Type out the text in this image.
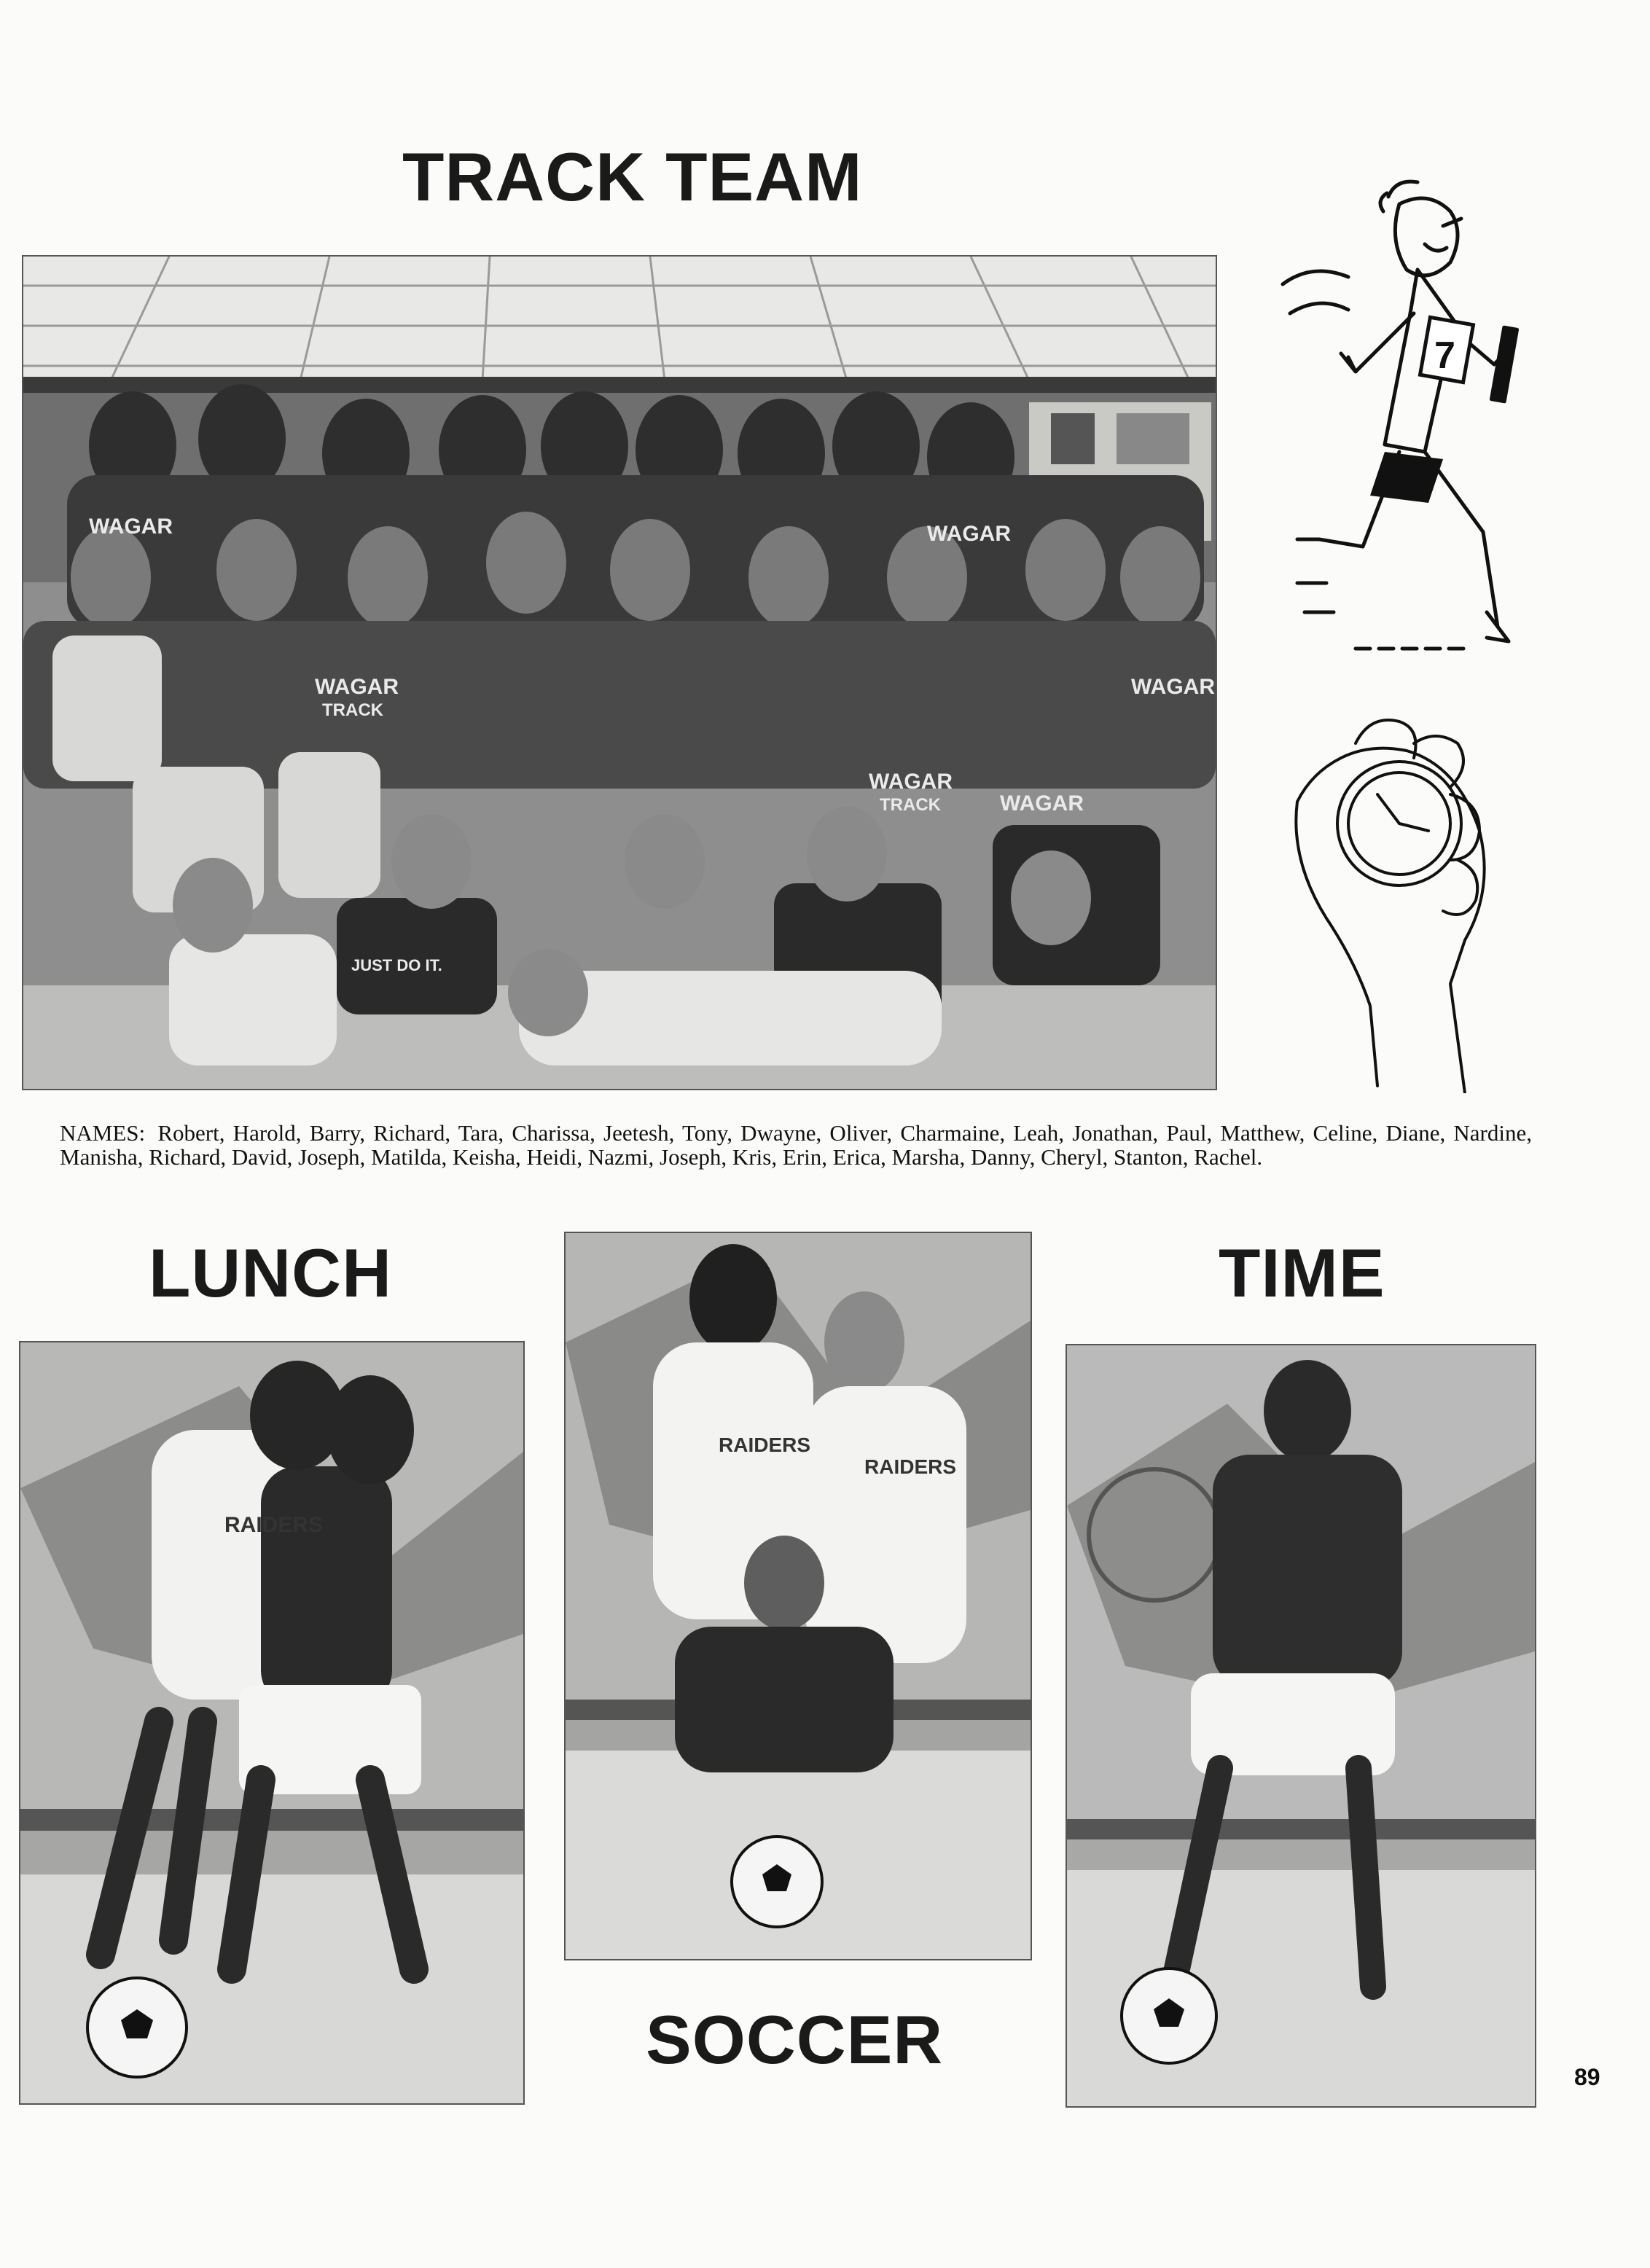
TRACK TEAM
WAGAR
WAGAR
WAGAR
WAGAR
WAGAR
WAGAR
TRACK
TRACK
JUST DO IT.
7
NAMES: Robert, Harold, Barry, Richard, Tara, Charissa, Jeetesh, Tony, Dwayne, Oliver, Charmaine, Leah, Jonathan, Paul, Matthew, Celine, Diane, Nardine, Manisha, Richard, David, Joseph, Matilda, Keisha, Heidi, Nazmi, Joseph, Kris, Erin, Erica, Marsha, Danny, Cheryl, Stanton, Rachel.
LUNCH	TIME
RAIDERS
RAIDERS
RAIDERS
SOCCER	89
